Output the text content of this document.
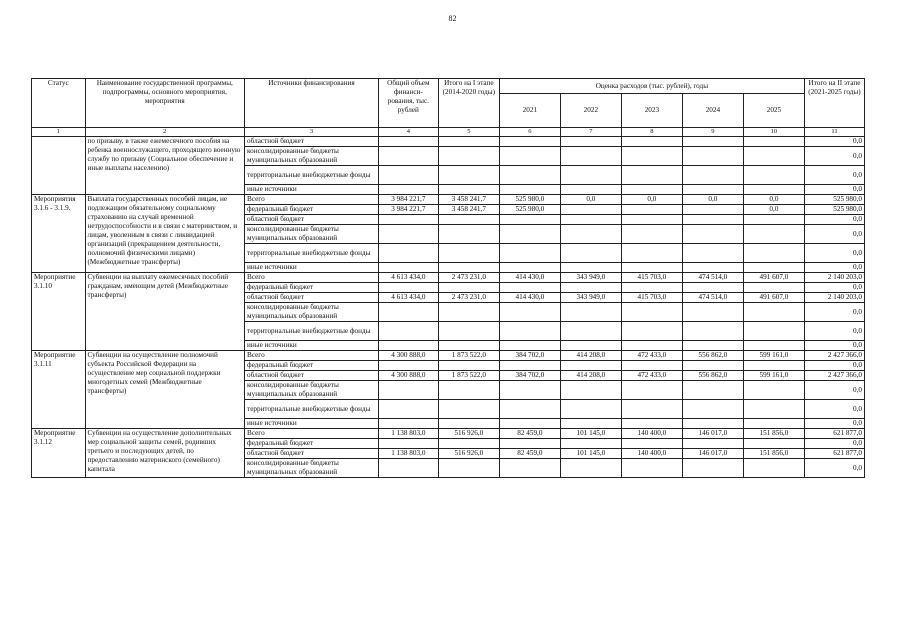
82
Статус	Наименование государственной программы, подпрограммы, основного мероприятия, мероприятия	Источники финансирования	Общий объем финанси-рования, тыс. рублей	Итого на I этапе (2014-2020 годы)	Оценка расходов (тыс. рублей), годы					Итого на II этапе (2021-2025 годы)
					2021	2022	2023	2024	2025	
1	2	3	4	5	6	7	8	9	10	11
	по призыву, в также ежемесячного пособия на ребенка военнослужащего, проходящего военную службу по призыву (Социальное обеспечение и иные выплаты населению)	областной бюджет								0,0
		консолидированные бюджеты муниципальных образований								0,0
		территориальные внебюджетные фонды								0,0
		иные источники								0,0
Мероприятия 3.1.6 - 3.1.9.	Выплата государственных пособий лицам, не подлежащим обязательному социальному страхованию на случай временной нетрудоспособности и в связи с материнством, и лицам, уволенным в связи с ликвидацией организаций (прекращением деятельности, полномочий физическими лицами) (Межбюджетные трансферты)	Всего	3 984 221,7	3 458 241,7	525 980,0	0,0	0,0	0,0	0,0	525 980,0
		федеральный бюджет	3 984 221,7	3 458 241,7	525 980,0				0,0	525 980,0
		областной бюджет								0,0
		консолидированные бюджеты муниципальных образований								0,0
		территориальные внебюджетные фонды								0,0
		иные источники								0,0
Мероприятие 3.1.10	Субвенции на выплату ежемесячных пособий гражданам, имеющим детей (Межбюджетные трансферты)	Всего	4 613 434,0	2 473 231,0	414 430,0	343 949,0	415 703,0	474 514,0	491 607,0	2 140 203,0
		федеральный бюджет								0,0
		областной бюджет	4 613 434,0	2 473 231,0	414 430,0	343 949,0	415 703,0	474 514,0	491 607,0	2 140 203,0
		консолидированные бюджеты муниципальных образований								0,0
		территориальные внебюджетные фонды								0,0
		иные источники								0,0
Мероприятие 3.1.11	Субвенции на осуществление полномочий субъекта Российской Федерации на осуществление мер социальной поддержки многодетных семей (Межбюджетные трансферты)	Всего	4 300 888,0	1 873 522,0	384 702,0	414 208,0	472 433,0	556 862,0	599 161,0	2 427 366,0
		федеральный бюджет								0,0
		областной бюджет	4 300 888,0	1 873 522,0	384 702,0	414 208,0	472 433,0	556 862,0	599 161,0	2 427 366,0
		консолидированные бюджеты муниципальных образований								0,0
		территориальные внебюджетные фонды								0,0
		иные источники								0,0
Мероприятие 3.1.12	Субвенции на осуществление дополнительных мер социальной защиты семей, родивших третьего и последующих детей, по предоставлению материнского (семейного) капитала	Всего	1 138 803,0	516 926,0	82 459,0	101 145,0	140 400,0	146 017,0	151 856,0	621 877,0
		федеральный бюджет								0,0
		областной бюджет	1 138 803,0	516 926,0	82 459,0	101 145,0	140 400,0	146 017,0	151 856,0	621 877,0
		консолидированные бюджеты муниципальных образований								0,0
